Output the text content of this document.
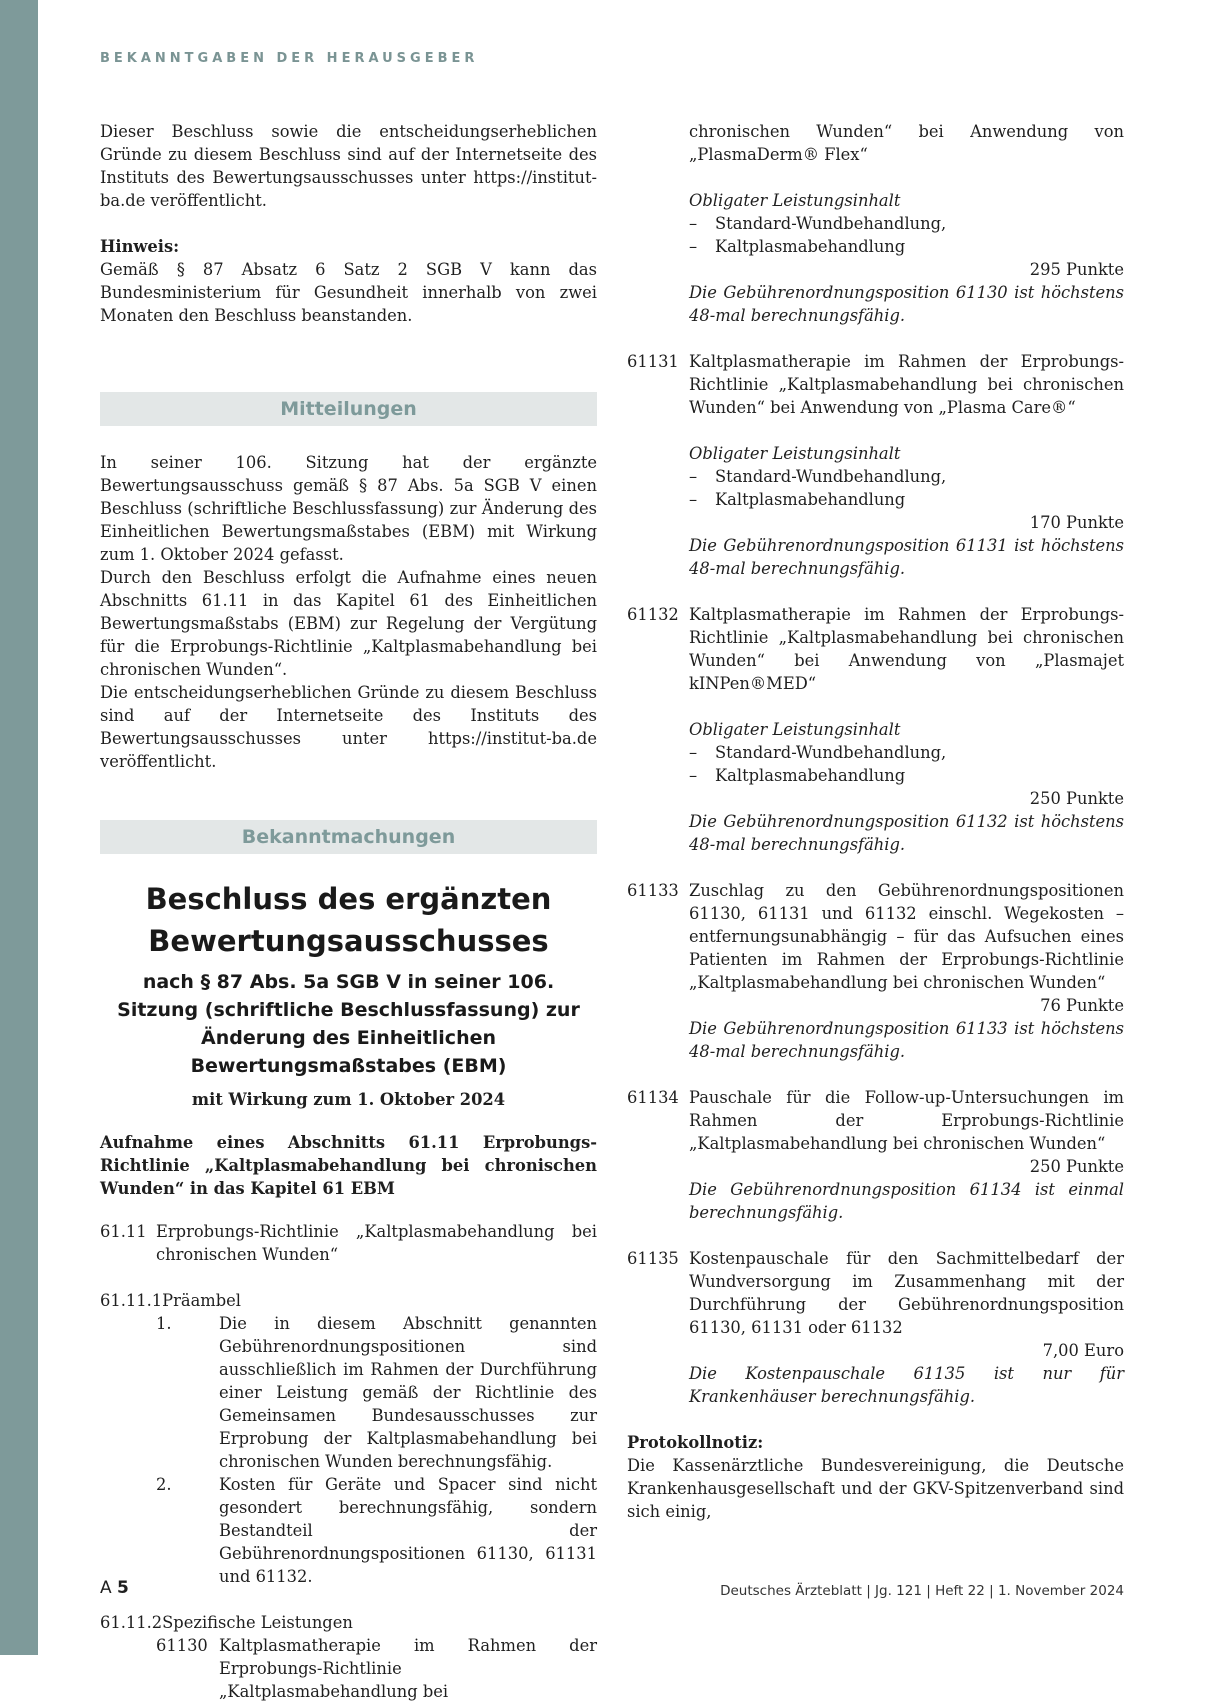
BEKANNTGABEN DER HERAUSGEBER

Dieser Beschluss sowie die entscheidungserheblichen Gründe zu diesem Beschluss sind auf der Internetseite des Instituts des Bewertungsausschusses unter https://institut-ba.de veröffentlicht.

Hinweis:

Gemäß § 87 Absatz 6 Satz 2 SGB V kann das Bundesministerium für Gesundheit innerhalb von zwei Monaten den Beschluss beanstanden.

Mitteilungen

In seiner 106. Sitzung hat der ergänzte Bewertungsausschuss gemäß § 87 Abs. 5a SGB V einen Beschluss (schriftliche Beschlussfassung) zur Änderung des Einheitlichen Bewertungsmaßstabes (EBM) mit Wirkung zum 1. Oktober 2024 gefasst.

Durch den Beschluss erfolgt die Aufnahme eines neuen Abschnitts 61.11 in das Kapitel 61 des Einheitlichen Bewertungsmaßstabs (EBM) zur Regelung der Vergütung für die Erprobungs-Richtlinie „Kaltplasmabehandlung bei chronischen Wunden“.

Die entscheidungserheblichen Gründe zu diesem Beschluss sind auf der Internetseite des Instituts des Bewertungsausschusses unter https://institut-ba.de veröffentlicht.

Bekanntmachungen
Beschluss des ergänzten Bewertungsausschusses
nach § 87 Abs. 5a SGB V in seiner 106. Sitzung (schriftliche Beschlussfassung) zur Änderung des Einheitlichen Bewertungsmaßstabes (EBM)
mit Wirkung zum 1. Oktober 2024

Aufnahme eines Abschnitts 61.11 Erprobungs-Richtlinie „Kaltplasmabehandlung bei chronischen Wunden“ in das Kapitel 61 EBM

61.11 Erprobungs-Richtlinie „Kaltplasmabehandlung bei chronischen Wunden“
61.11.1 Präambel
1.	Die in diesem Abschnitt genannten Gebührenordnungspositionen sind ausschließlich im Rahmen der Durchführung einer Leistung gemäß der Richtlinie des Gemeinsamen Bundesausschusses zur Erprobung der Kaltplasmabehandlung bei chronischen Wunden berechnungsfähig.
2.	Kosten für Geräte und Spacer sind nicht gesondert berechnungsfähig, sondern Bestandteil der Gebührenordnungspositionen 61130, 61131 und 61132.
61.11.2 Spezifische Leistungen
61130 Kaltplasmatherapie im Rahmen der Erprobungs-Richtlinie „Kaltplasmabehandlung bei

chronischen Wunden“ bei Anwendung von „PlasmaDerm® Flex“

Obligater Leistungsinhalt
–	Standard-Wundbehandlung,
–	Kaltplasmabehandlung
295 Punkte

Die Gebührenordnungsposition 61130 ist höchstens 48-mal berechnungsfähig.

61131 Kaltplasmatherapie im Rahmen der Erprobungs-Richtlinie „Kaltplasmabehandlung bei chronischen Wunden“ bei Anwendung von „Plasma Care®“

Obligater Leistungsinhalt
–	Standard-Wundbehandlung,
–	Kaltplasmabehandlung
170 Punkte

Die Gebührenordnungsposition 61131 ist höchstens 48-mal berechnungsfähig.

61132 Kaltplasmatherapie im Rahmen der Erprobungs-Richtlinie „Kaltplasmabehandlung bei chronischen Wunden“ bei Anwendung von „Plasmajet kINPen®MED“

Obligater Leistungsinhalt
–	Standard-Wundbehandlung,
–	Kaltplasmabehandlung
250 Punkte

Die Gebührenordnungsposition 61132 ist höchstens 48-mal berechnungsfähig.

61133 Zuschlag zu den Gebührenordnungspositionen 61130, 61131 und 61132 einschl. Wegekosten – entfernungsunabhängig – für das Aufsuchen eines Patienten im Rahmen der Erprobungs-Richtlinie „Kaltplasmabehandlung bei chronischen Wunden“

76 Punkte

Die Gebührenordnungsposition 61133 ist höchstens 48-mal berechnungsfähig.

61134 Pauschale für die Follow-up-Untersuchungen im Rahmen der Erprobungs-Richtlinie „Kaltplasmabehandlung bei chronischen Wunden“

250 Punkte

Die Gebührenordnungsposition 61134 ist einmal berechnungsfähig.

61135 Kostenpauschale für den Sachmittelbedarf der Wundversorgung im Zusammenhang mit der Durchführung der Gebührenordnungsposition 61130, 61131 oder 61132

7,00 Euro

Die Kostenpauschale 61135 ist nur für Krankenhäuser berechnungsfähig.

Protokollnotiz:

Die Kassenärztliche Bundesvereinigung, die Deutsche Krankenhausgesellschaft und der GKV-Spitzenverband sind sich einig,

A 5	Deutsches Ärzteblatt | Jg. 121 | Heft 22 | 1. November 2024
